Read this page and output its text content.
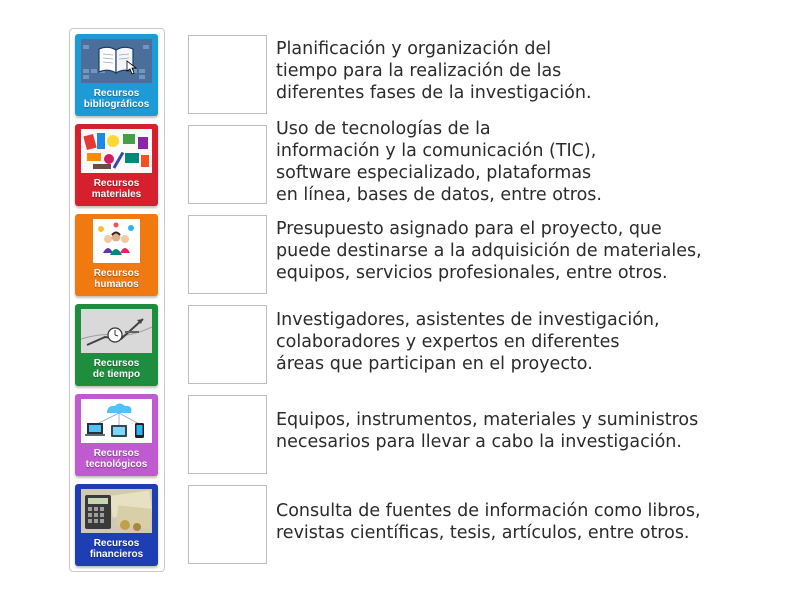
Recursos
bibliográficos
Recursos
materiales
Recursos
humanos
Recursos
de tiempo
Recursos
tecnológicos
Recursos
financieros
Planificación y organización del
tiempo para la realización de las
diferentes fases de la investigación.
Uso de tecnologías de la
información y la comunicación (TIC),
software especializado, plataformas
en línea, bases de datos, entre otros.
Presupuesto asignado para el proyecto, que
puede destinarse a la adquisición de materiales,
equipos, servicios profesionales, entre otros.
Investigadores, asistentes de investigación,
colaboradores y expertos en diferentes
áreas que participan en el proyecto.
Equipos, instrumentos, materiales y suministros
necesarios para llevar a cabo la investigación.
Consulta de fuentes de información como libros,
revistas científicas, tesis, artículos, entre otros.
